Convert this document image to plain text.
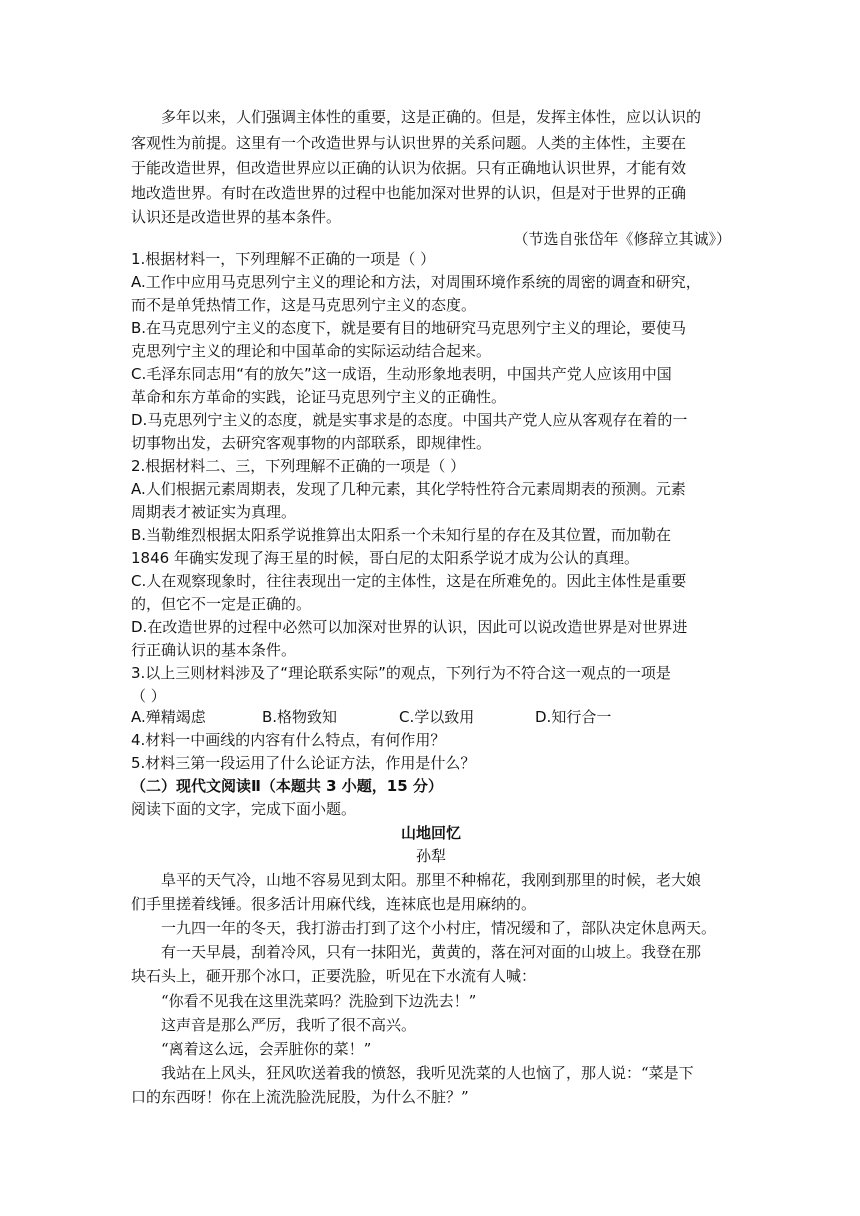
多年以来，人们强调主体性的重要，这是正确的。但是，发挥主体性，应以认识的
客观性为前提。这里有一个改造世界与认识世界的关系问题。人类的主体性，主要在
于能改造世界，但改造世界应以正确的认识为依据。只有正确地认识世界，才能有效
地改造世界。有时在改造世界的过程中也能加深对世界的认识，但是对于世界的正确
认识还是改造世界的基本条件。
（节选自张岱年《修辞立其诚》）
1.根据材料一，下列理解不正确的一项是（ ）
A.工作中应用马克思列宁主义的理论和方法，对周围环境作系统的周密的调查和研究，
而不是单凭热情工作，这是马克思列宁主义的态度。
B.在马克思列宁主义的态度下，就是要有目的地研究马克思列宁主义的理论，要使马
克思列宁主义的理论和中国革命的实际运动结合起来。
C.毛泽东同志用“有的放矢”这一成语，生动形象地表明，中国共产党人应该用中国
革命和东方革命的实践，论证马克思列宁主义的正确性。
D.马克思列宁主义的态度，就是实事求是的态度。中国共产党人应从客观存在着的一
切事物出发，去研究客观事物的内部联系，即规律性。
2.根据材料二、三，下列理解不正确的一项是（ ）
A.人们根据元素周期表，发现了几种元素，其化学特性符合元素周期表的预测。元素
周期表才被证实为真理。
B.当勒维烈根据太阳系学说推算出太阳系一个未知行星的存在及其位置，而加勒在
1846 年确实发现了海王星的时候，哥白尼的太阳系学说才成为公认的真理。
C.人在观察现象时，往往表现出一定的主体性，这是在所难免的。因此主体性是重要
的，但它不一定是正确的。
D.在改造世界的过程中必然可以加深对世界的认识，因此可以说改造世界是对世界进
行正确认识的基本条件。
3.以上三则材料涉及了“理论联系实际”的观点，下列行为不符合这一观点的一项是
（ ）
A.殚精竭虑	B.格物致知	C.学以致用	D.知行合一
4.材料一中画线的内容有什么特点，有何作用？
5.材料三第一段运用了什么论证方法，作用是什么？
（二）现代文阅读Ⅱ（本题共 3 小题，15 分）
阅读下面的文字，完成下面小题。
山地回忆
孙犁
阜平的天气冷，山地不容易见到太阳。那里不种棉花，我刚到那里的时候，老大娘
们手里搓着线锤。很多活计用麻代线，连袜底也是用麻纳的。
一九四一年的冬天，我打游击打到了这个小村庄，情况缓和了，部队决定休息两天。
有一天早晨，刮着冷风，只有一抹阳光，黄黄的，落在河对面的山坡上。我登在那
块石头上，砸开那个冰口，正要洗脸，听见在下水流有人喊：
“你看不见我在这里洗菜吗？洗脸到下边洗去！”
这声音是那么严厉，我听了很不高兴。
“离着这么远，会弄脏你的菜！”
我站在上风头，狂风吹送着我的愤怒，我听见洗菜的人也恼了，那人说：“菜是下
口的东西呀！你在上流洗脸洗屁股，为什么不脏？”
